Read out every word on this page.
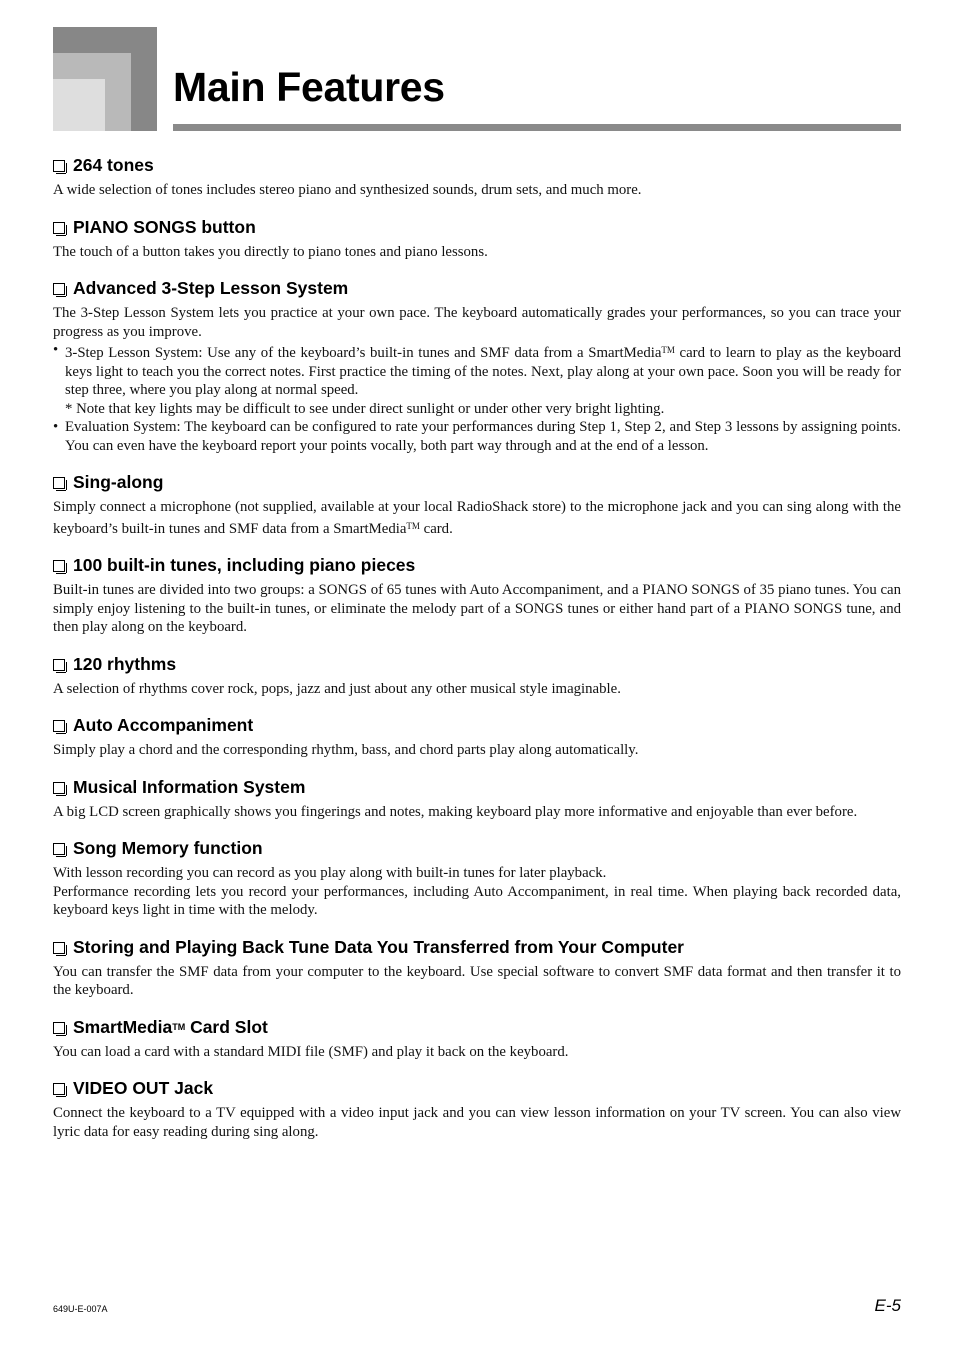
Main Features
264 tones

A wide selection of tones includes stereo piano and synthesized sounds, drum sets, and much more.

PIANO SONGS button

The touch of a button takes you directly to piano tones and piano lessons.

Advanced 3-Step Lesson System

The 3-Step Lesson System lets you practice at your own pace. The keyboard automatically grades your performances, so you can trace your progress as you improve.

• 3-Step Lesson System: Use any of the keyboard’s built-in tunes and SMF data from a SmartMedia™ card to learn to play as the keyboard keys light to teach you the correct notes. First practice the timing of the notes. Next, play along at your own pace. Soon you will be ready for step three, where you play along at normal speed.

* Note that key lights may be difficult to see under direct sunlight or under other very bright lighting.

• Evaluation System: The keyboard can be configured to rate your performances during Step 1, Step 2, and Step 3 lessons by assigning points. You can even have the keyboard report your points vocally, both part way through and at the end of a lesson.

Sing-along

Simply connect a microphone (not supplied, available at your local RadioShack store) to the microphone jack and you can sing along with the keyboard’s built-in tunes and SMF data from a SmartMedia™ card.

100 built-in tunes, including piano pieces

Built-in tunes are divided into two groups: a SONGS of 65 tunes with Auto Accompaniment, and a PIANO SONGS of 35 piano tunes. You can simply enjoy listening to the built-in tunes, or eliminate the melody part of a SONGS tunes or either hand part of a PIANO SONGS tune, and then play along on the keyboard.

120 rhythms

A selection of rhythms cover rock, pops, jazz and just about any other musical style imaginable.

Auto Accompaniment

Simply play a chord and the corresponding rhythm, bass, and chord parts play along automatically.

Musical Information System

A big LCD screen graphically shows you fingerings and notes, making keyboard play more informative and enjoyable than ever before.

Song Memory function

With lesson recording you can record as you play along with built-in tunes for later playback.

Performance recording lets you record your performances, including Auto Accompaniment, in real time. When playing back recorded data, keyboard keys light in time with the melody.

Storing and Playing Back Tune Data You Transferred from Your Computer

You can transfer the SMF data from your computer to the keyboard. Use special software to convert SMF data format and then transfer it to the keyboard.

SmartMedia TM Card Slot

You can load a card with a standard MIDI file (SMF) and play it back on the keyboard.

VIDEO OUT Jack

Connect the keyboard to a TV equipped with a video input jack and you can view lesson information on your TV screen. You can also view lyric data for easy reading during sing along.

649U-E-007A	E-5
